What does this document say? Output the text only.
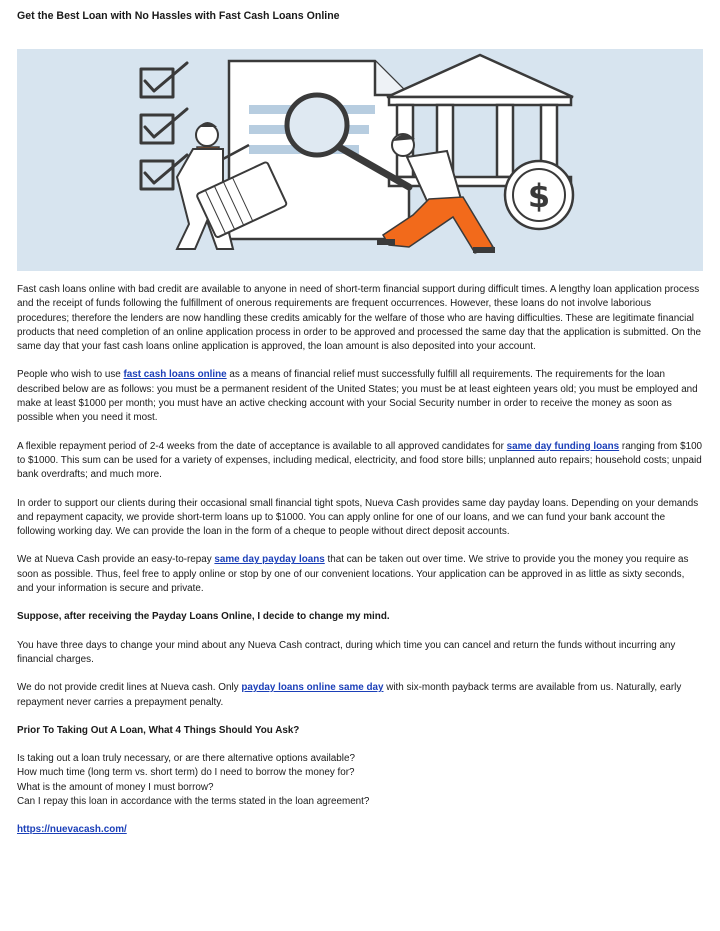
Get the Best Loan with No Hassles with Fast Cash Loans Online
$

Fast cash loans online with bad credit are available to anyone in need of short-term financial support during difficult times. A lengthy loan application process and the receipt of funds following the fulfillment of onerous requirements are frequent occurrences. However, these loans do not involve laborious procedures; therefore the lenders are now handling these credits amicably for the welfare of those who are having difficulties. These are legitimate financial products that need completion of an online application process in order to be approved and processed the same day that the application is submitted. On the same day that your fast cash loans online application is approved, the loan amount is also deposited into your account.

People who wish to use fast cash loans online as a means of financial relief must successfully fulfill all requirements. The requirements for the loan described below are as follows: you must be a permanent resident of the United States; you must be at least eighteen years old; you must be employed and make at least $1000 per month; you must have an active checking account with your Social Security number in order to receive the money as soon as possible when you need it most.

A flexible repayment period of 2-4 weeks from the date of acceptance is available to all approved candidates for same day funding loans ranging from $100 to $1000. This sum can be used for a variety of expenses, including medical, electricity, and food store bills; unplanned auto repairs; household costs; unpaid bank overdrafts; and much more.

In order to support our clients during their occasional small financial tight spots, Nueva Cash provides same day payday loans. Depending on your demands and repayment capacity, we provide short-term loans up to $1000. You can apply online for one of our loans, and we can fund your bank account the following working day. We can provide the loan in the form of a cheque to people without direct deposit accounts.

We at Nueva Cash provide an easy-to-repay same day payday loans that can be taken out over time. We strive to provide you the money you require as soon as possible. Thus, feel free to apply online or stop by one of our convenient locations. Your application can be approved in as little as sixty seconds, and your information is secure and private.

Suppose, after receiving the Payday Loans Online, I decide to change my mind.

You have three days to change your mind about any Nueva Cash contract, during which time you can cancel and return the funds without incurring any financial charges.

We do not provide credit lines at Nueva cash. Only payday loans online same day with six-month payback terms are available from us. Naturally, early repayment never carries a prepayment penalty.

Prior To Taking Out A Loan, What 4 Things Should You Ask?

Is taking out a loan truly necessary, or are there alternative options available?

How much time (long term vs. short term) do I need to borrow the money for?

What is the amount of money I must borrow?

Can I repay this loan in accordance with the terms stated in the loan agreement?

https://nuevacash.com/
